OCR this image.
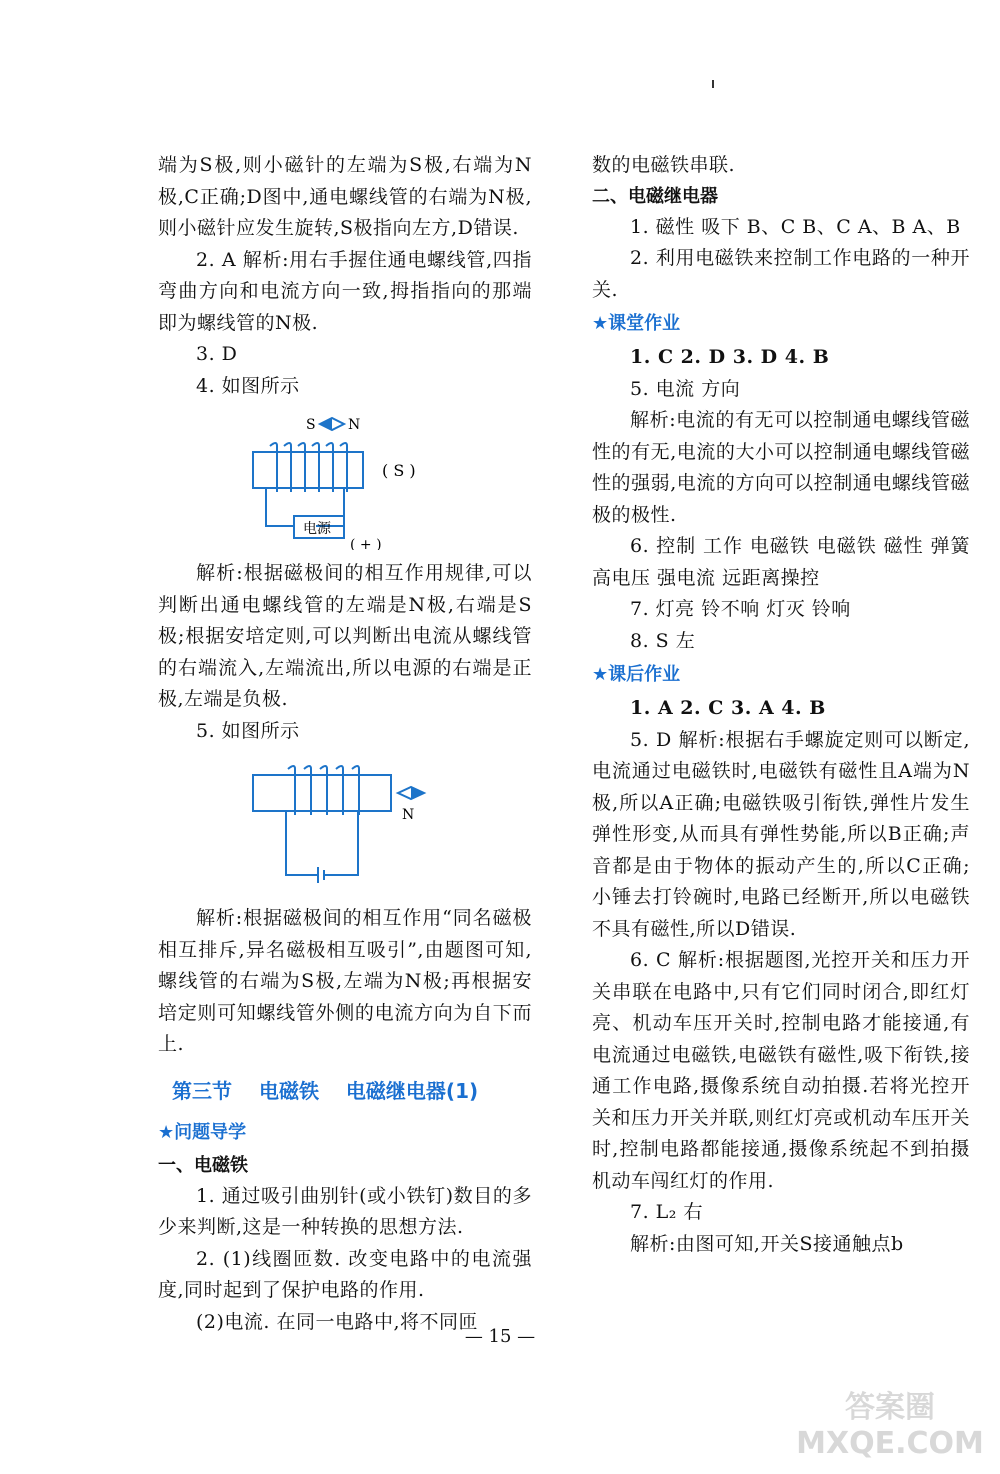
端为S极,则小磁针的左端为S极,右端为N极,C正确;D图中,通电螺线管的右端为N极,则小磁针应发生旋转,S极指向左方,D错误.

2. A 解析:用右手握住通电螺线管,四指弯曲方向和电流方向一致,拇指指向的那端即为螺线管的N极.

3. D

4. 如图所示

S N
( S )
电源
( + )

解析:根据磁极间的相互作用规律,可以判断出通电螺线管的左端是N极,右端是S极;根据安培定则,可以判断出电流从螺线管的右端流入,左端流出,所以电源的右端是正极,左端是负极.

5. 如图所示

N

解析:根据磁极间的相互作用“同名磁极相互排斥,异名磁极相互吸引”,由题图可知,螺线管的右端为S极,左端为N极;再根据安培定则可知螺线管外侧的电流方向为自下而上.

第三节 电磁铁 电磁继电器(1)
★问题导学
一、电磁铁

1. 通过吸引曲别针(或小铁钉)数目的多少来判断,这是一种转换的思想方法.

2. (1)线圈匝数. 改变电路中的电流强度,同时起到了保护电路的作用.

(2)电流. 在同一电路中,将不同匝

数的电磁铁串联.

二、电磁继电器

1. 磁性 吸下 B、C B、C A、B A、B

2. 利用电磁铁来控制工作电路的一种开关.

★课堂作业

1. C 2. D 3. D 4. B

5. 电流 方向

解析:电流的有无可以控制通电螺线管磁性的有无,电流的大小可以控制通电螺线管磁性的强弱,电流的方向可以控制通电螺线管磁极的极性.

6. 控制 工作 电磁铁 电磁铁 磁性 弹簧 高电压 强电流 远距离操控

7. 灯亮 铃不响 灯灭 铃响

8. S 左

★课后作业

1. A 2. C 3. A 4. B

5. D 解析:根据右手螺旋定则可以断定,电流通过电磁铁时,电磁铁有磁性且A端为N极,所以A正确;电磁铁吸引衔铁,弹性片发生弹性形变,从而具有弹性势能,所以B正确;声音都是由于物体的振动产生的,所以C正确;小锤去打铃碗时,电路已经断开,所以电磁铁不具有磁性,所以D错误.

6. C 解析:根据题图,光控开关和压力开关串联在电路中,只有它们同时闭合,即红灯亮、机动车压开关时,控制电路才能接通,有电流通过电磁铁,电磁铁有磁性,吸下衔铁,接通工作电路,摄像系统自动拍摄.若将光控开关和压力开关并联,则红灯亮或机动车压开关时,控制电路都能接通,摄像系统起不到拍摄机动车闯红灯的作用.

7. L₂ 右

解析:由图可知,开关S接通触点b

— 15 —
答案圈 MXQE.COM
